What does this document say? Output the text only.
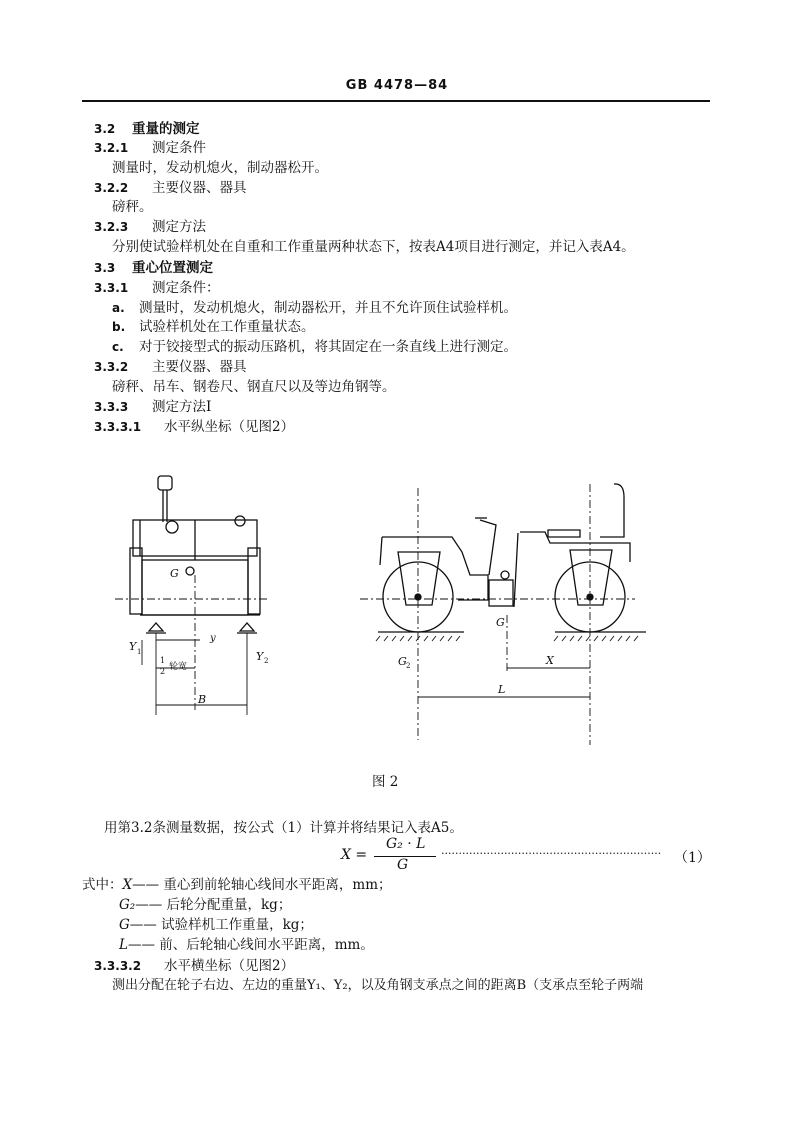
GB 4478—84
3.2 重量的测定
3.2.1 测定条件
测量时，发动机熄火，制动器松开。
3.2.2 主要仪器、器具
磅秤。
3.2.3 测定方法
分别使试验样机处在自重和工作重量两种状态下，按表A4项目进行测定，并记入表A4。
3.3 重心位置测定
3.3.1 测定条件：
a. 测量时，发动机熄火，制动器松开，并且不允许顶住试验样机。
b. 试验样机处在工作重量状态。
c. 对于铰接型式的振动压路机，将其固定在一条直线上进行测定。
3.3.2 主要仪器、器具
磅秤、吊车、钢卷尺、钢直尺以及等边角钢等。
3.3.3 测定方法Ⅰ
3.3.3.1 水平纵坐标（见图2）
G
Y 1	Y 2
y
1
2 轮宽
B
G
G 2	X
L
图 2
用第3.2条测量数据，按公式（1）计算并将结果记入表A5。
X =
G₂ · L
G
······························································· （1）
式中：X—— 重心到前轮轴心线间水平距离，mm；
G₂—— 后轮分配重量，kg；
G—— 试验样机工作重量，kg；
L—— 前、后轮轴心线间水平距离，mm。
3.3.3.2 水平横坐标（见图2）
测出分配在轮子右边、左边的重量Y₁、Y₂，以及角钢支承点之间的距离B（支承点至轮子两端
